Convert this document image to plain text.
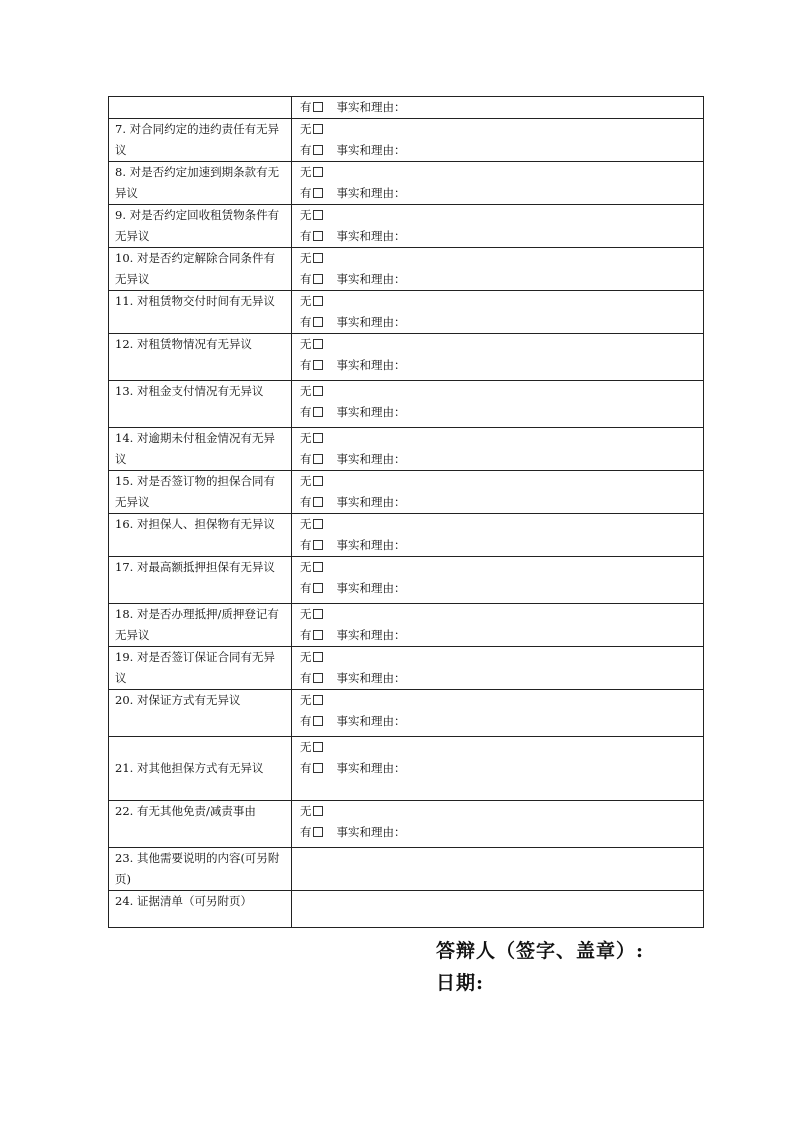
	有 事实和理由：

7. 对合同约定的违约责任有无异议	无
有 事实和理由：

8. 对是否约定加速到期条款有无异议	无
有 事实和理由：

9. 对是否约定回收租赁物条件有无异议	无
有 事实和理由：

10. 对是否约定解除合同条件有无异议	无
有 事实和理由：

11. 对租赁物交付时间有无异议	无
有 事实和理由：

12. 对租赁物情况有无异议	无
有 事实和理由：

13. 对租金支付情况有无异议	无
有 事实和理由：

14. 对逾期未付租金情况有无异议	无
有 事实和理由：

15. 对是否签订物的担保合同有无异议	无
有 事实和理由：

16. 对担保人、担保物有无异议	无
有 事实和理由：

17. 对最高额抵押担保有无异议	无
有 事实和理由：

18. 对是否办理抵押/质押登记有无异议	无
有 事实和理由：

19. 对是否签订保证合同有无异议	无
有 事实和理由：

20. 对保证方式有无异议	无
有 事实和理由：

21. 对其他担保方式有无异议	无
有 事实和理由：

22. 有无其他免责/减责事由	无
有 事实和理由：

23. 其他需要说明的内容(可另附页)	
24. 证据清单（可另附页）	
答辩人（签字、盖章）:
日期:
